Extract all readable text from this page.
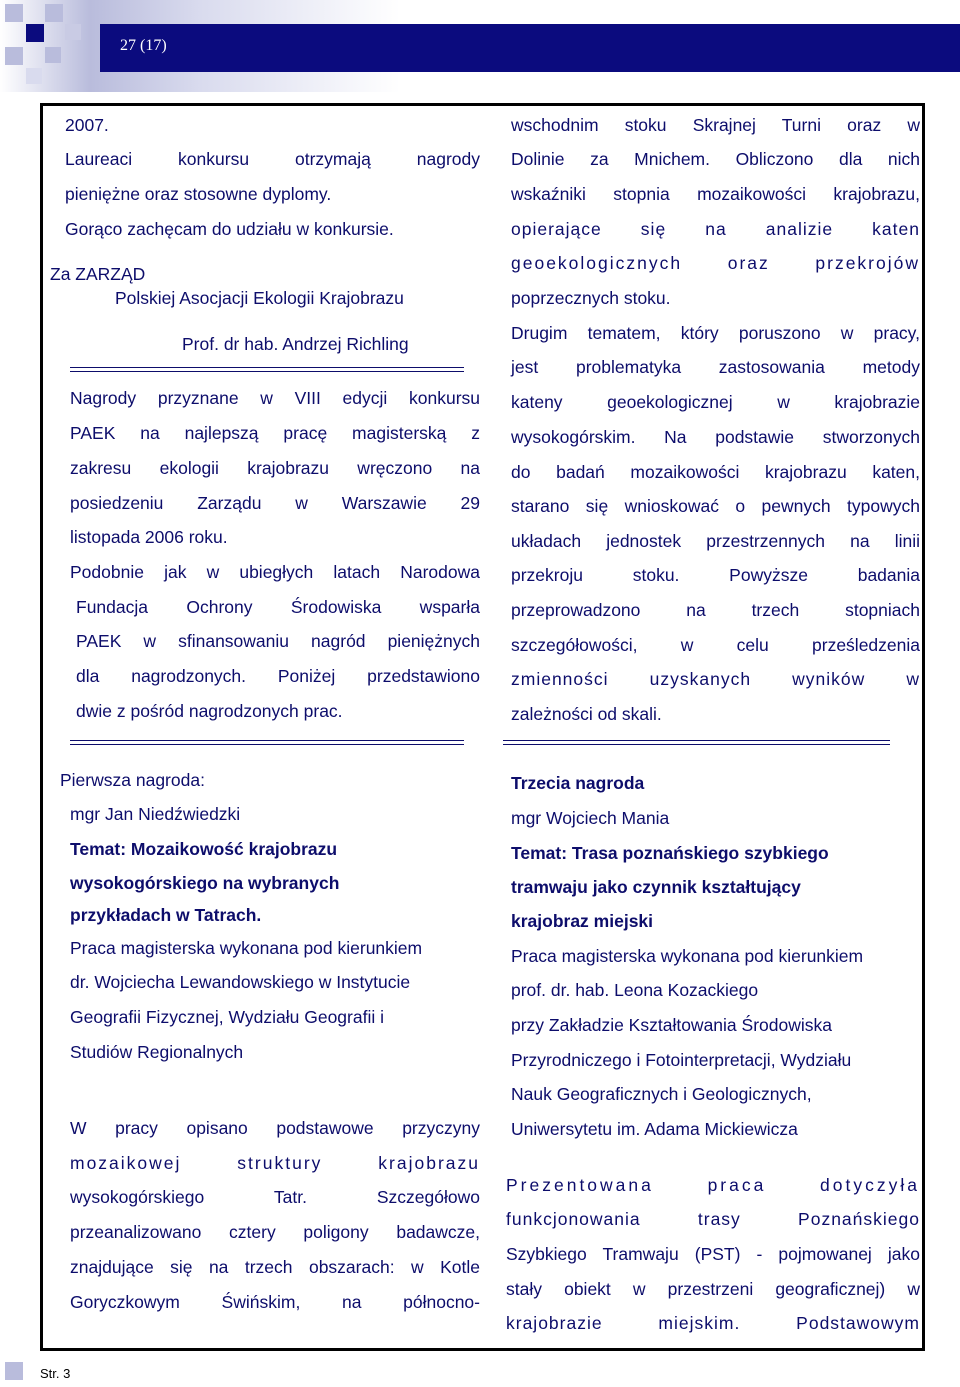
27 (17)
2007.
Laureaci konkursu otrzymają nagrody
pieniężne oraz stosowne dyplomy.
Gorąco zachęcam do udziału w konkursie.
Za ZARZĄD
Polskiej Asocjacji Ekologii Krajobrazu
Prof. dr hab. Andrzej Richling
Nagrody przyznane w VIII edycji konkursu
PAEK na najlepszą pracę magisterską z
zakresu ekologii krajobrazu wręczono na
posiedzeniu Zarządu w Warszawie 29
listopada 2006 roku.
Podobnie jak w ubiegłych latach Narodowa
Fundacja Ochrony Środowiska wsparła
PAEK w sfinansowaniu nagród pieniężnych
dla nagrodzonych. Poniżej przedstawiono
dwie z pośród nagrodzonych prac.
Pierwsza nagroda:
mgr Jan Niedźwiedzki
Temat: Mozaikowość krajobrazu
wysokogórskiego na wybranych
przykładach w Tatrach.
Praca magisterska wykonana pod kierunkiem
dr. Wojciecha Lewandowskiego w Instytucie
Geografii Fizycznej, Wydziału Geografii i
Studiów Regionalnych
W pracy opisano podstawowe przyczyny
mozaikowej struktury krajobrazu
wysokogórskiego Tatr. Szczegółowo
przeanalizowano cztery poligony badawcze,
znajdujące się na trzech obszarach: w Kotle
Goryczkowym Świńskim, na północno-
wschodnim stoku Skrajnej Turni oraz w
Dolinie za Mnichem. Obliczono dla nich
wskaźniki stopnia mozaikowości krajobrazu,
opierające się na analizie katen
geoekologicznych oraz przekrojów
poprzecznych stoku.
Drugim tematem, który poruszono w pracy,
jest problematyka zastosowania metody
kateny geoekologicznej w krajobrazie
wysokogórskim. Na podstawie stworzonych
do badań mozaikowości krajobrazu katen,
starano się wnioskować o pewnych typowych
układach jednostek przestrzennych na linii
przekroju stoku. Powyższe badania
przeprowadzono na trzech stopniach
szczegółowości, w celu prześledzenia
zmienności uzyskanych wyników w
zależności od skali.
Trzecia nagroda
mgr Wojciech Mania
Temat: Trasa poznańskiego szybkiego
tramwaju jako czynnik kształtujący
krajobraz miejski
Praca magisterska wykonana pod kierunkiem
prof. dr. hab. Leona Kozackiego
przy Zakładzie Kształtowania Środowiska
Przyrodniczego i Fotointerpretacji, Wydziału
Nauk Geograficznych i Geologicznych,
Uniwersytetu im. Adama Mickiewicza
Prezentowana praca dotyczyła
funkcjonowania trasy Poznańskiego
Szybkiego Tramwaju (PST) - pojmowanej jako
stały obiekt w przestrzeni geograficznej) w
krajobrazie miejskim. Podstawowym
Str. 3
